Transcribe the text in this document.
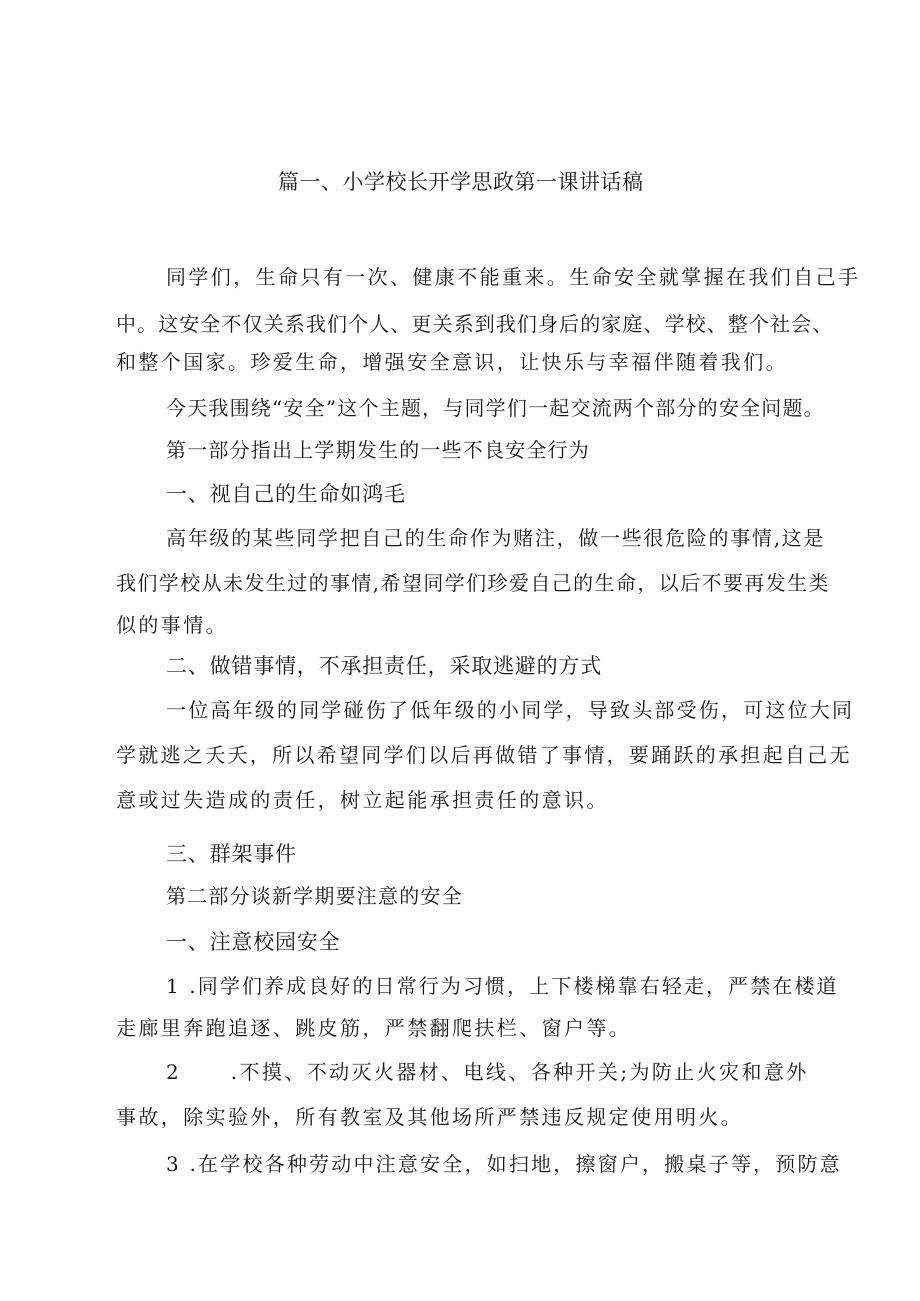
篇一、小学校长开学思政第一课讲话稿
同学们，生命只有一次、健康不能重来。生命安全就掌握在我们自己手
中。这安全不仅关系我们个人、更关系到我们身后的家庭、学校、整个社会、
和整个国家。珍爱生命，增强安全意识，让快乐与幸福伴随着我们。
今天我围绕“安全”这个主题，与同学们一起交流两个部分的安全问题。
第一部分指出上学期发生的一些不良安全行为
一、视自己的生命如鸿毛
高年级的某些同学把自己的生命作为赌注，做一些很危险的事情,这是
我们学校从未发生过的事情,希望同学们珍爱自己的生命，以后不要再发生类
似的事情。
二、做错事情，不承担责任，采取逃避的方式
一位高年级的同学碰伤了低年级的小同学，导致头部受伤，可这位大同
学就逃之夭夭，所以希望同学们以后再做错了事情，要踊跃的承担起自己无
意或过失造成的责任，树立起能承担责任的意识。
三、群架事件
第二部分谈新学期要注意的安全
一、注意校园安全
1 .同学们养成良好的日常行为习惯，上下楼梯靠右轻走，严禁在楼道
走廊里奔跑追逐、跳皮筋，严禁翻爬扶栏、窗户等。
2 .不摸、不动灭火器材、电线、各种开关;为防止火灾和意外
事故，除实验外，所有教室及其他场所严禁违反规定使用明火。
3 .在学校各种劳动中注意安全，如扫地，擦窗户，搬桌子等，预防意
